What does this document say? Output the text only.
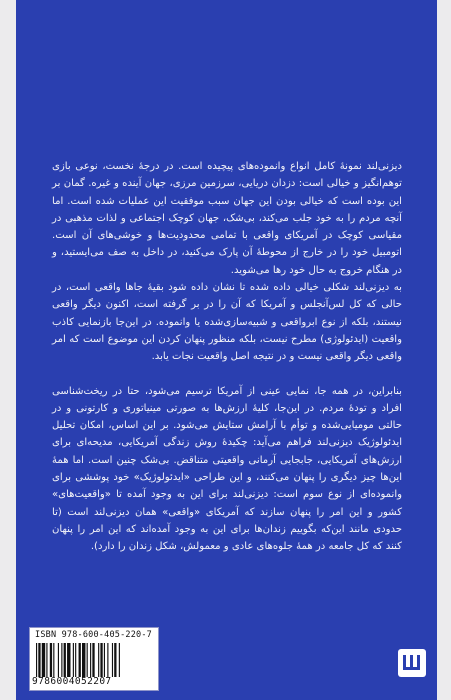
دیزنی‌لند نمونهٔ کامل انواع وانموده‌های پیچیده است. در درجهٔ نخست، نوعی بازی توهم‌انگیز و خیالی است: دزدان دریایی، سرزمین مرزی، جهان آینده و غیره. گمان بر این بوده است که خیالی بودن این جهان سبب موفقیت این عملیات شده است. اما آنچه مردم را به خود جلب می‌کند، بی‌شک، جهان کوچک اجتماعی و لذات مذهبی در مقیاسی کوچک در آمریکای واقعی با تمامی محدودیت‌ها و خوشی‌های آن است. اتومبیل خود را در خارج از محوطهٔ آن پارک می‌کنید، در داخل به صف می‌ایستید، و در هنگام خروج به حال خود رها می‌شوید.

به دیزنی‌لند شکلی خیالی داده شده تا نشان داده شود بقیهٔ جاها واقعی است، در حالی که کل لس‌آنجلس و آمریکا که آن را در بر گرفته است، اکنون دیگر واقعی نیستند، بلکه از نوع ابرواقعی و شبیه‌سازی‌شده یا وانموده. در این‌جا بازنمایی کاذب واقعیت (ایدئولوژی) مطرح نیست، بلکه منظور پنهان کردن این موضوع است که امر واقعی دیگر واقعی نیست و در نتیجه اصل واقعیت نجات یابد.

بنابراین، در همه جا، نمایی عینی از آمریکا ترسیم می‌شود، حتا در ریخت‌شناسی افراد و تودهٔ مردم. در این‌جا، کلیهٔ ارزش‌ها به صورتی مینیاتوری و کارتونی و در حالتی مومیایی‌شده و توأم با آرامش ستایش می‌شود. بر این اساس، امکان تحلیل ایدئولوژیک دیزنی‌لند فراهم می‌آید: چکیدهٔ روش زندگی آمریکایی، مدیحه‌ای برای ارزش‌های آمریکایی، جابجایی آرمانی واقعیتی متناقض. بی‌شک چنین است. اما همهٔ این‌ها چیز دیگری را پنهان می‌کنند، و این طراحی «ایدئولوژیک» خود پوششی برای وانموده‌ای از نوع سوم است: دیزنی‌لند برای این به وجود آمده تا «واقعیت‌های» کشور و این امر را پنهان سازند که آمریکای «واقعی» همان دیزنی‌لند است (تا حدودی مانند این‌که بگوییم زندان‌ها برای این به وجود آمده‌اند که این امر را پنهان کنند که کل جامعه در همهٔ جلوه‌های عادی و معمولش، شکل زندان را دارد).

ISBN 978-600-405-220-7
9786004052207
